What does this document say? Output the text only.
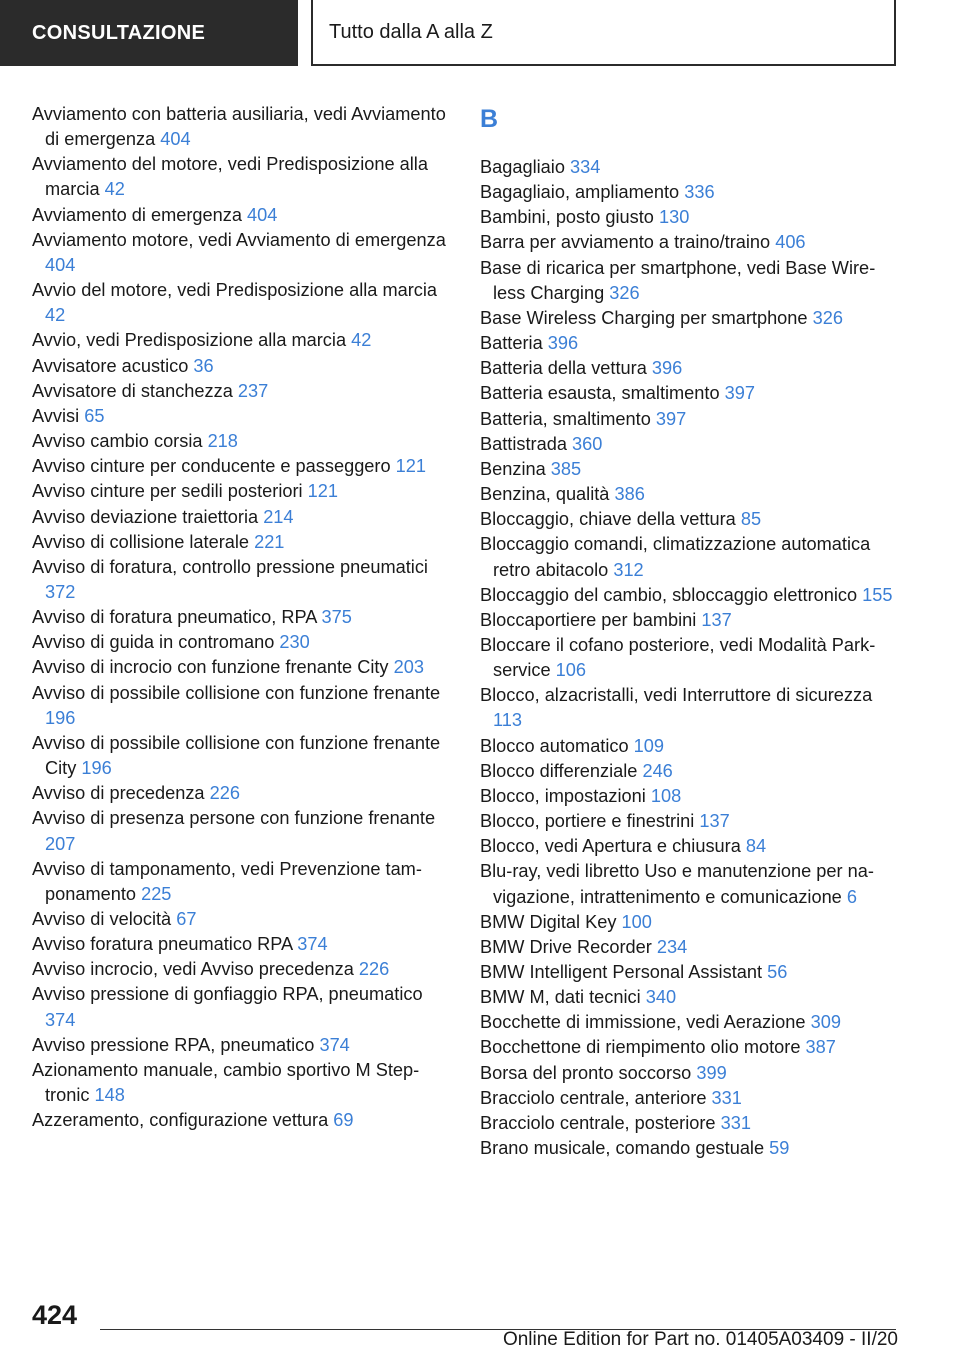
CONSULTAZIONE	Tutto dalla A alla Z

Avviamento con batteria ausiliaria, vedi Avviamento di emergenza 404

Avviamento del motore, vedi Predisposizione alla marcia 42

Avviamento di emergenza 404

Avviamento motore, vedi Avviamento di emergenza 404

Avvio del motore, vedi Predisposizione alla marcia 42

Avvio, vedi Predisposizione alla marcia 42

Avvisatore acustico 36

Avvisatore di stanchezza 237

Avvisi 65

Avviso cambio corsia 218

Avviso cinture per conducente e passeggero 121

Avviso cinture per sedili posteriori 121

Avviso deviazione traiettoria 214

Avviso di collisione laterale 221

Avviso di foratura, controllo pressione pneumatici 372

Avviso di foratura pneumatico, RPA 375

Avviso di guida in contromano 230

Avviso di incrocio con funzione frenante City 203

Avviso di possibile collisione con funzione frenante 196

Avviso di possibile collisione con funzione frenante City 196

Avviso di precedenza 226

Avviso di presenza persone con funzione frenante 207

Avviso di tamponamento, vedi Prevenzione tamponamento 225

Avviso di velocità 67

Avviso foratura pneumatico RPA 374

Avviso incrocio, vedi Avviso precedenza 226

Avviso pressione di gonfiaggio RPA, pneumatico 374

Avviso pressione RPA, pneumatico 374

Azionamento manuale, cambio sportivo M Steptronic 148

Azzeramento, configurazione vettura 69

B

Bagagliaio 334

Bagagliaio, ampliamento 336

Bambini, posto giusto 130

Barra per avviamento a traino/traino 406

Base di ricarica per smartphone, vedi Base Wireless Charging 326

Base Wireless Charging per smartphone 326

Batteria 396

Batteria della vettura 396

Batteria esausta, smaltimento 397

Batteria, smaltimento 397

Battistrada 360

Benzina 385

Benzina, qualità 386

Bloccaggio, chiave della vettura 85

Bloccaggio comandi, climatizzazione automatica retro abitacolo 312

Bloccaggio del cambio, sbloccaggio elettronico 155

Bloccaportiere per bambini 137

Bloccare il cofano posteriore, vedi Modalità Parkservice 106

Blocco, alzacristalli, vedi Interruttore di sicurezza 113

Blocco automatico 109

Blocco differenziale 246

Blocco, impostazioni 108

Blocco, portiere e finestrini 137

Blocco, vedi Apertura e chiusura 84

Blu-ray, vedi libretto Uso e manutenzione per navigazione, intrattenimento e comunicazione 6

BMW Digital Key 100

BMW Drive Recorder 234

BMW Intelligent Personal Assistant 56

BMW M, dati tecnici 340

Bocchette di immissione, vedi Aerazione 309

Bocchettone di riempimento olio motore 387

Borsa del pronto soccorso 399

Bracciolo centrale, anteriore 331

Bracciolo centrale, posteriore 331

Brano musicale, comando gestuale 59

424
Online Edition for Part no. 01405A03409 - II/20
